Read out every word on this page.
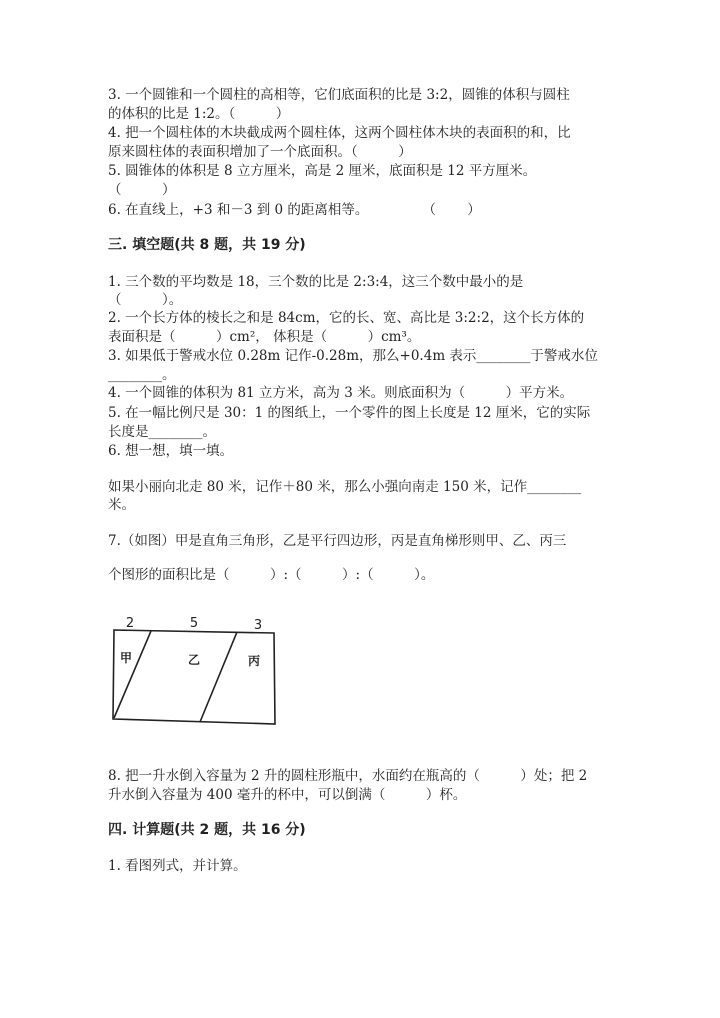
3. 一个圆锥和一个圆柱的高相等，它们底面积的比是 3:2，圆锥的体积与圆柱
的体积的比是 1:2。（　　　）
4. 把一个圆柱体的木块截成两个圆柱体，这两个圆柱体木块的表面积的和，比
原来圆柱体的表面积增加了一个底面积。（　　　）
5. 圆锥体的体积是 8 立方厘米，高是 2 厘米，底面积是 12 平方厘米。
（　　　）
6. 在直线上，+3 和－3 到 0 的距离相等。　　　　　（　　 ）
三. 填空题(共 8 题，共 19 分)
1. 三个数的平均数是 18，三个数的比是 2:3:4，这三个数中最小的是
（　　　）。
2. 一个长方体的棱长之和是 84cm，它的长、宽、高比是 3:2:2，这个长方体的
表面积是（　　　）cm²， 体积是（　　　）cm³。
3. 如果低于警戒水位 0.28m 记作-0.28m，那么+0.4m 表示________于警戒水位
________。
4. 一个圆锥的体积为 81 立方米，高为 3 米。则底面积为（　　　）平方米。
5. 在一幅比例尺是 30：1 的图纸上，一个零件的图上长度是 12 厘米，它的实际
长度是________。
6. 想一想，填一填。
如果小丽向北走 80 米，记作＋80 米，那么小强向南走 150 米，记作________
米。
7.（如图）甲是直角三角形，乙是平行四边形，丙是直角梯形则甲、乙、丙三
个图形的面积比是（　　　）:（　　　）:（　　　）。
8. 把一升水倒入容量为 2 升的圆柱形瓶中，水面约在瓶高的（　　　）处；把 2
升水倒入容量为 400 毫升的杯中，可以倒满（　　　）杯。
2	5	3
甲	乙	丙
四. 计算题(共 2 题，共 16 分)
1. 看图列式，并计算。
